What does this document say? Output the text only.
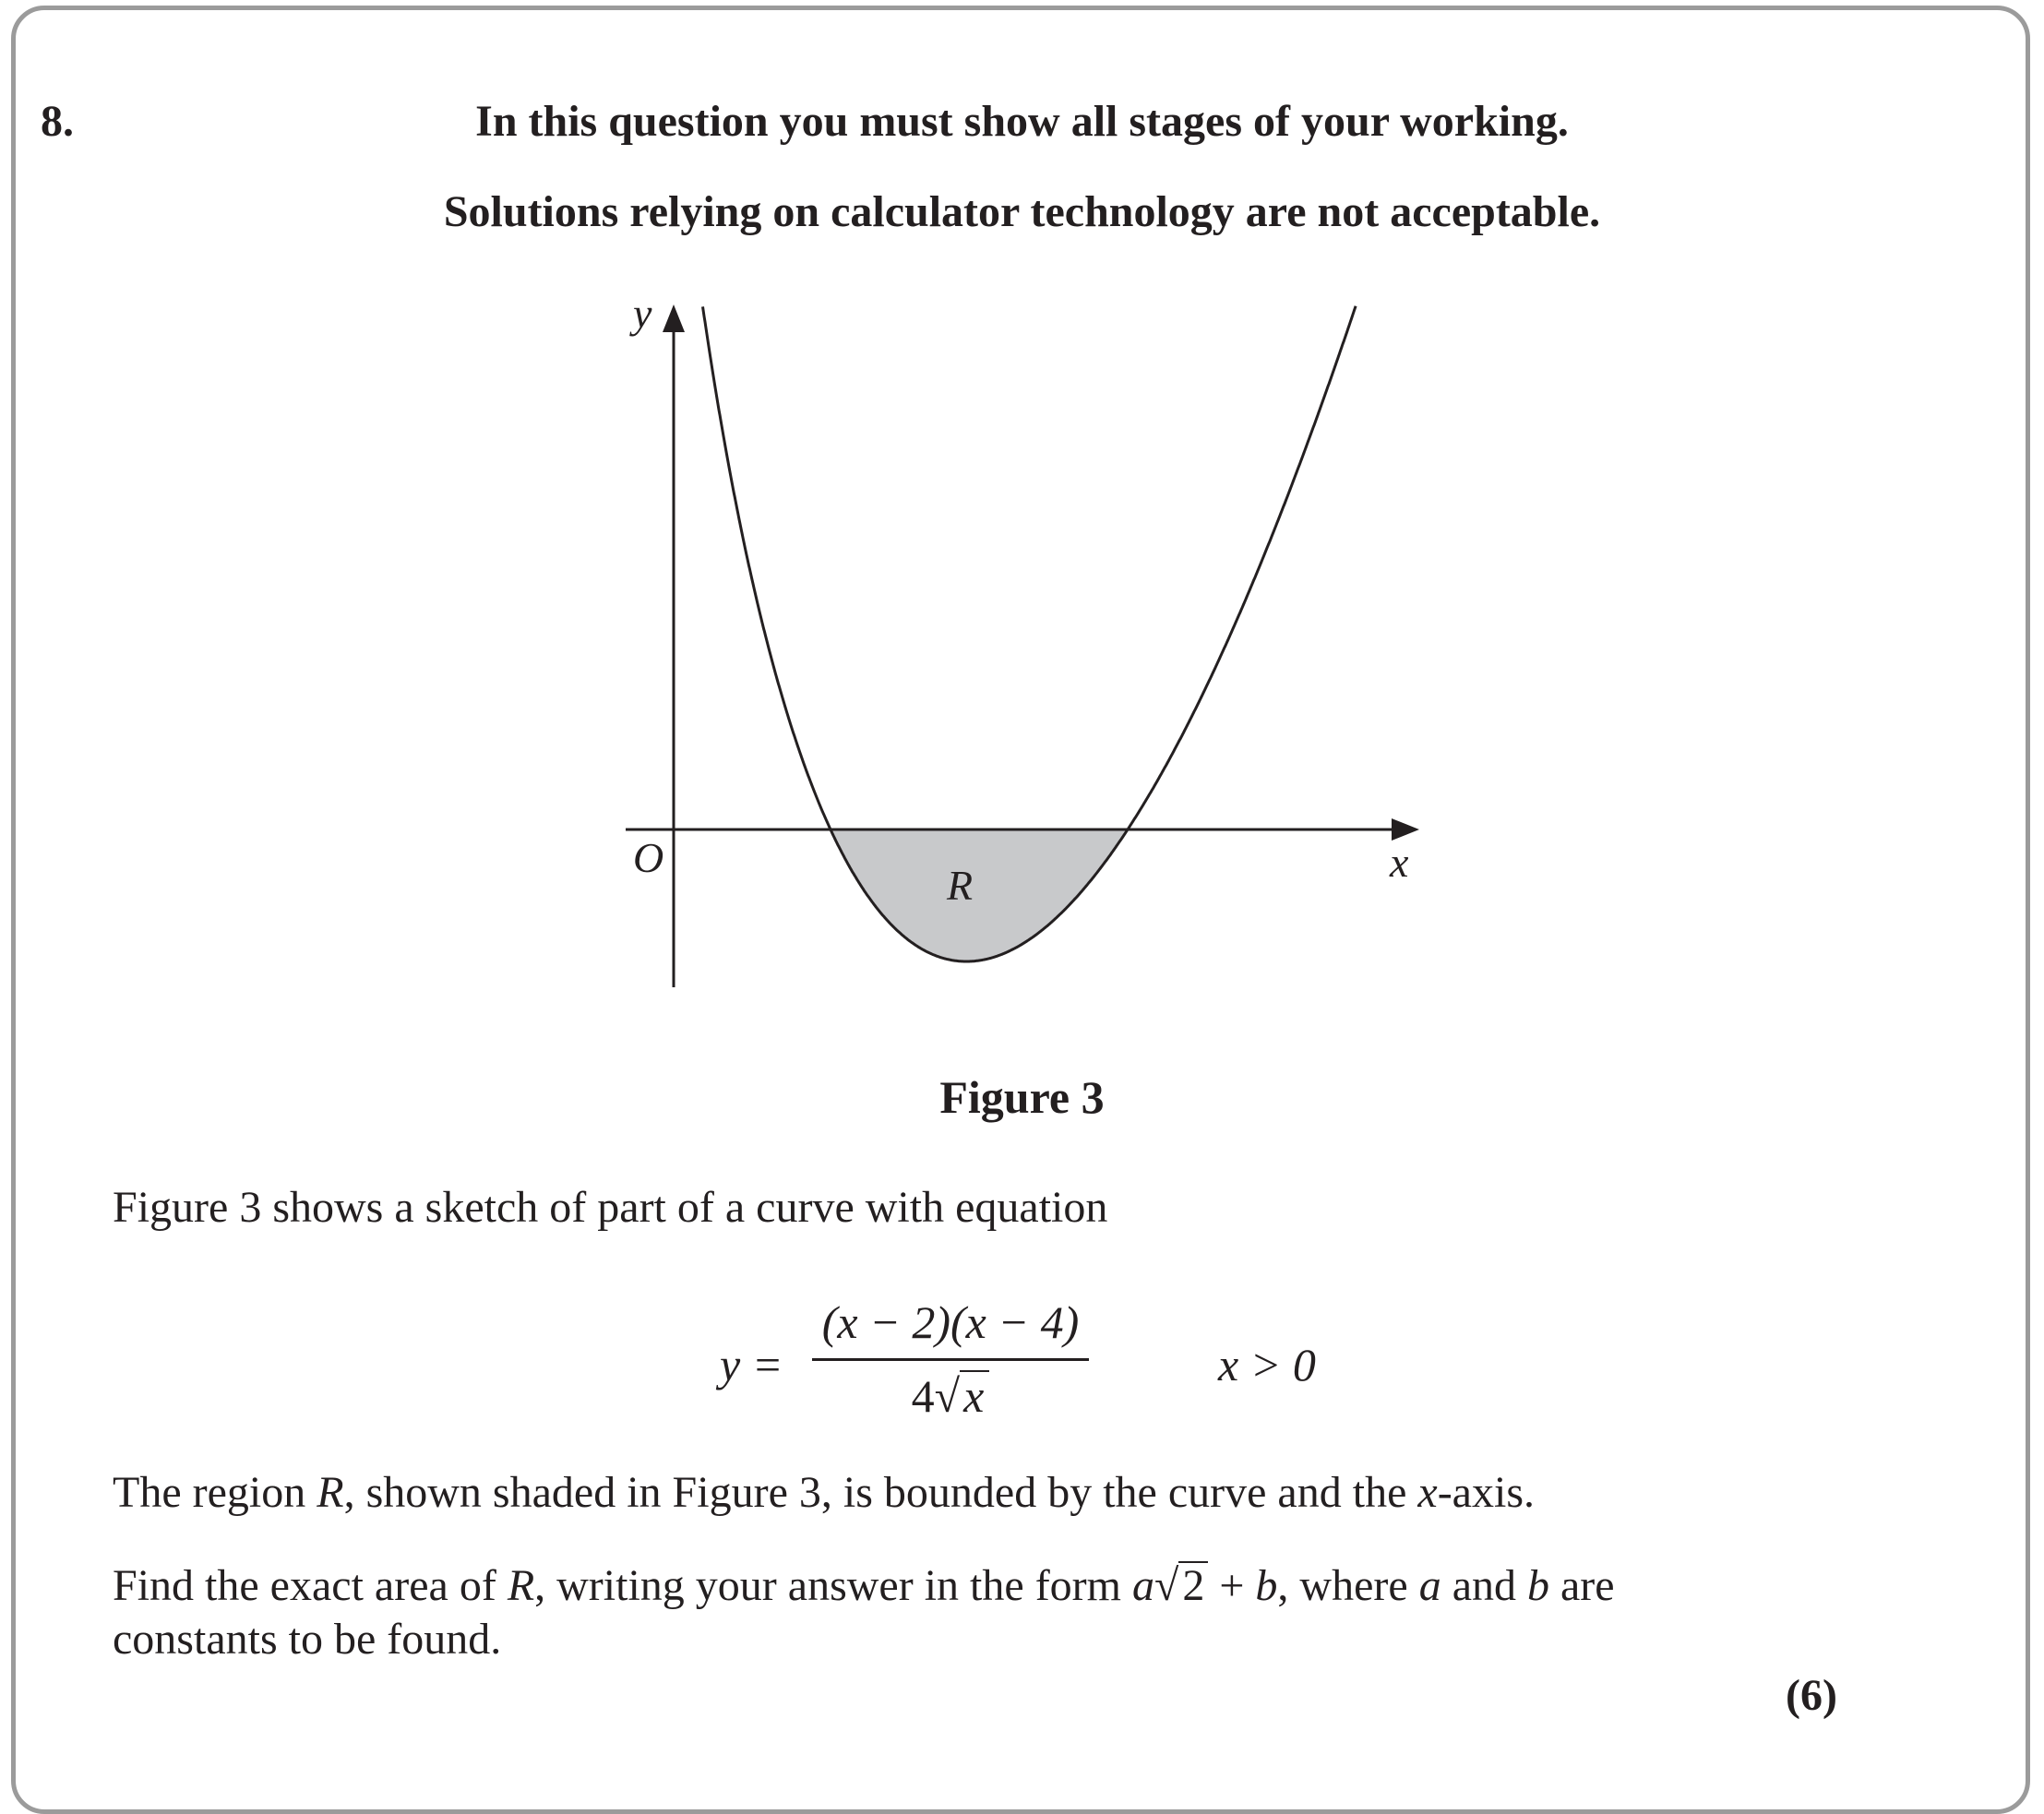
8.	In this question you must show all stages of your working.
Solutions relying on calculator technology are not acceptable.
y
x
O
R
Figure 3
Figure 3 shows a sketch of part of a curve with equation
y =
(x − 2)(x − 4)
4√x
x > 0
The region R, shown shaded in Figure 3, is bounded by the curve and the x-axis.
Find the exact area of R, writing your answer in the form a√2 + b, where a and b are
constants to be found.
(6)
